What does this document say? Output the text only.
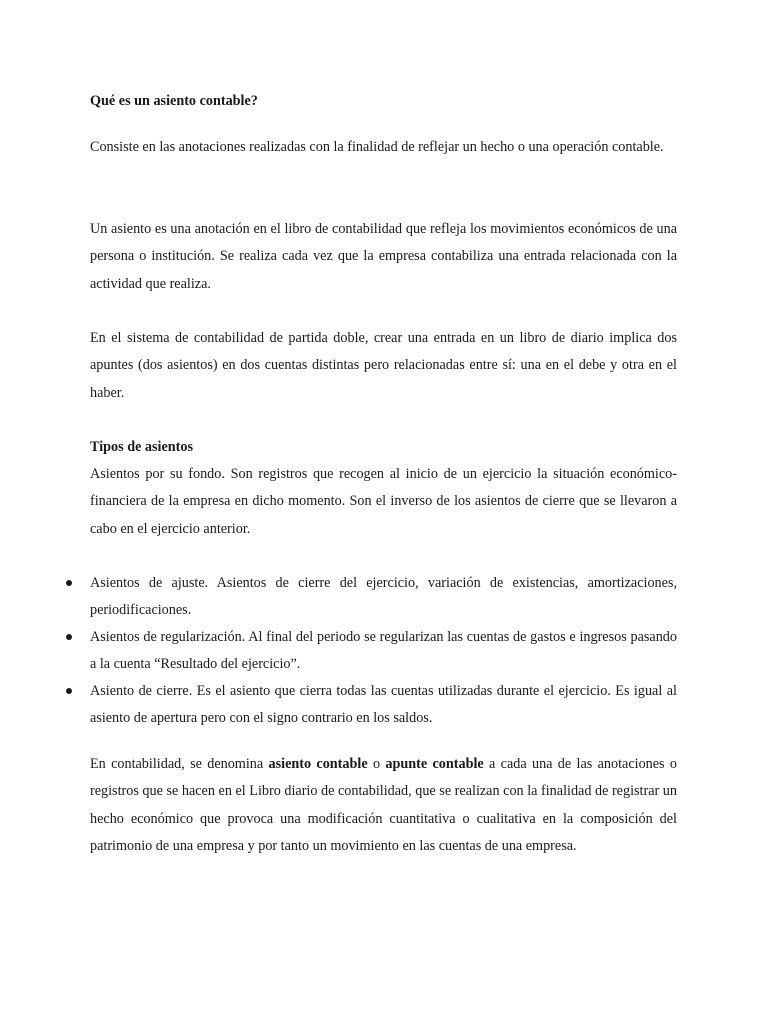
Qué es un asiento contable?

Consiste en las anotaciones realizadas con la finalidad de reflejar un hecho o una operación contable.

Un asiento es una anotación en el libro de contabilidad que refleja los movimientos económicos de una persona o institución. Se realiza cada vez que la empresa contabiliza una entrada relacionada con la actividad que realiza.

En el sistema de contabilidad de partida doble, crear una entrada en un libro de diario implica dos apuntes (dos asientos) en dos cuentas distintas pero relacionadas entre sí: una en el debe y otra en el haber.

Tipos de asientos

Asientos por su fondo. Son registros que recogen al inicio de un ejercicio la situación económico-financiera de la empresa en dicho momento. Son el inverso de los asientos de cierre que se llevaron a cabo en el ejercicio anterior.

Asientos de ajuste. Asientos de cierre del ejercicio, variación de existencias, amortizaciones, periodificaciones.

Asientos de regularización. Al final del periodo se regularizan las cuentas de gastos e ingresos pasando a la cuenta “Resultado del ejercicio”.

Asiento de cierre. Es el asiento que cierra todas las cuentas utilizadas durante el ejercicio. Es igual al asiento de apertura pero con el signo contrario en los saldos.

En contabilidad, se denomina asiento contable o apunte contable a cada una de las anotaciones o registros que se hacen en el Libro diario de contabilidad, que se realizan con la finalidad de registrar un hecho económico que provoca una modificación cuantitativa o cualitativa en la composición del patrimonio de una empresa y por tanto un movimiento en las cuentas de una empresa.
